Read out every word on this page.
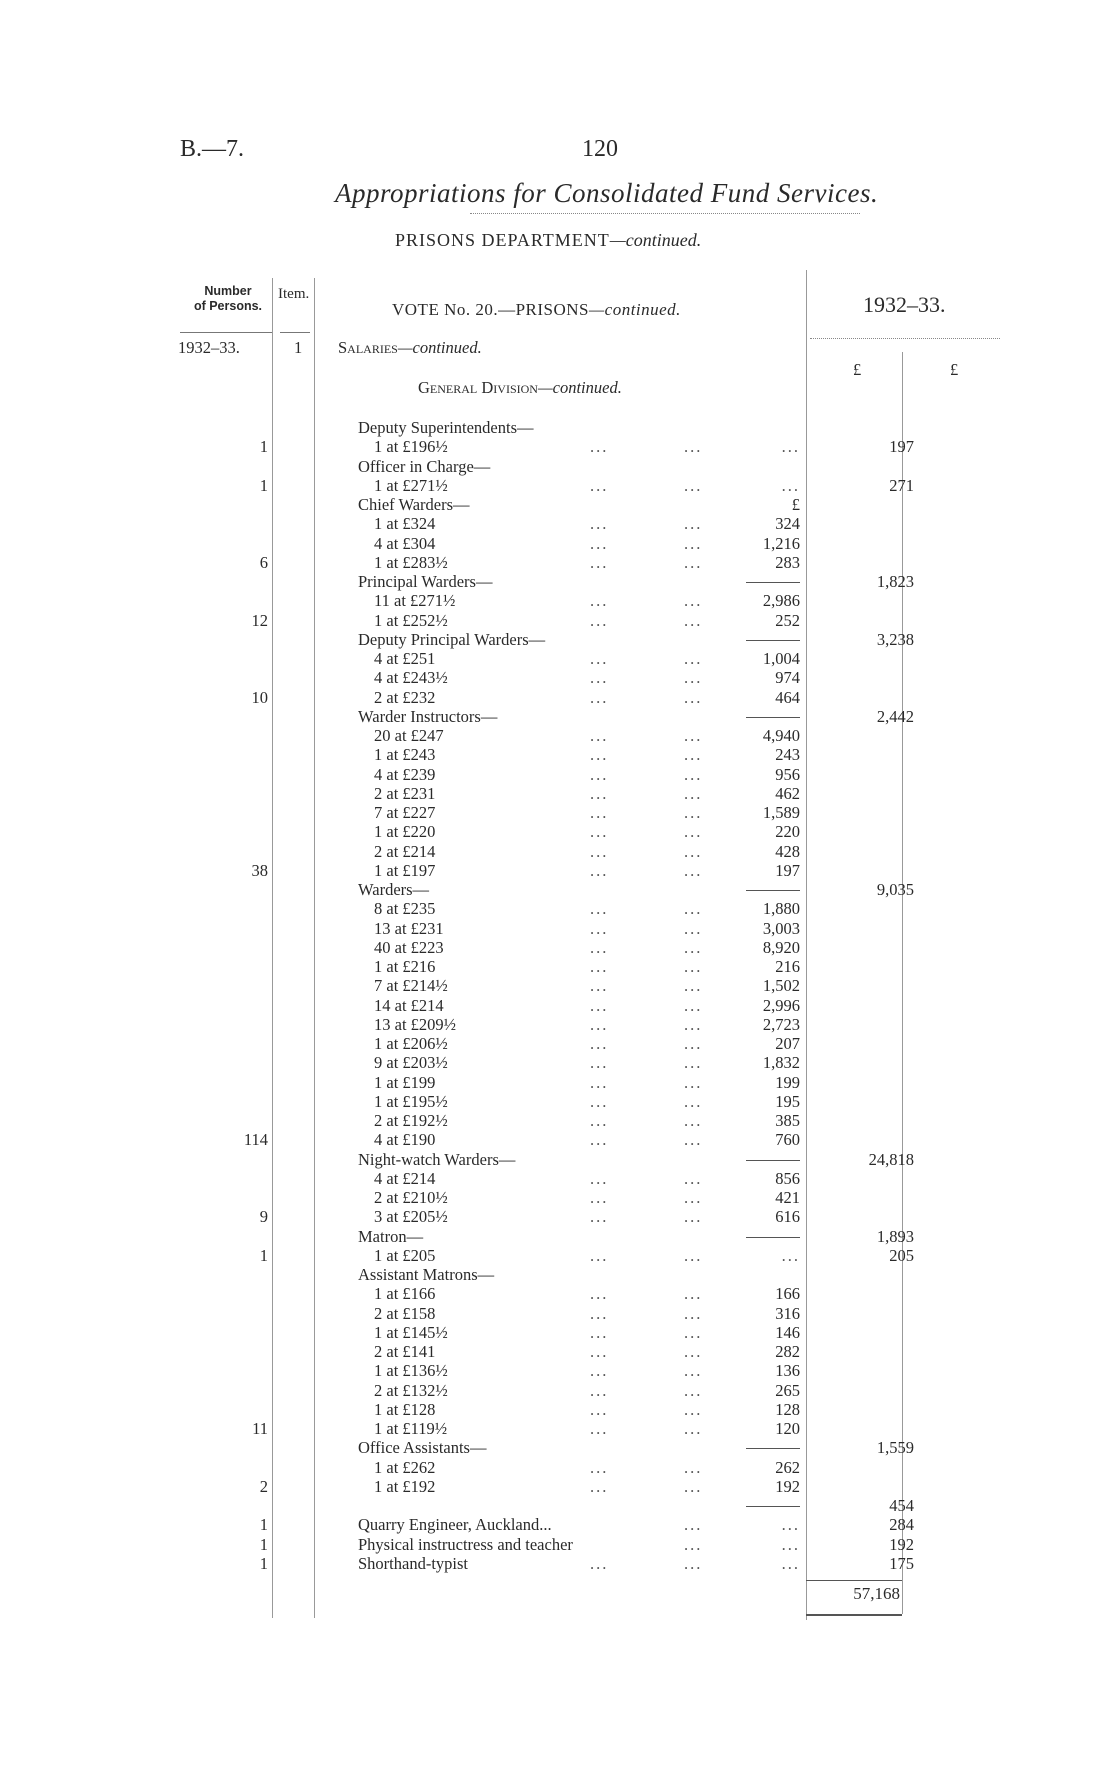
B.—7.	120
Appropriations for Consolidated Fund Services.
PRISONS DEPARTMENT—continued.
Number
of Persons.
Item.
VOTE No. 20.—PRISONS—continued.	1932–33.
1932–33.	1 Salaries—continued.
£	£
General Division—continued.
Deputy Superintendents—
1	1 at £196½	...	...	...	197
Officer in Charge—
1	1 at £271½	...	...	...	271
Chief Warders—	£
1 at £324	...	...	324
4 at £304	...	...	1,216
6	1 at £283½	...	...	283
Principal Warders—	1,823
11 at £271½	...	...	2,986
12	1 at £252½	...	...	252
Deputy Principal Warders—	3,238
4 at £251	...	...	1,004
4 at £243½	...	...	974
10	2 at £232	...	...	464
Warder Instructors—	2,442
20 at £247	...	...	4,940
1 at £243	...	...	243
4 at £239	...	...	956
2 at £231	...	...	462
7 at £227	...	...	1,589
1 at £220	...	...	220
2 at £214	...	...	428
38	1 at £197	...	...	197
Warders—	9,035
8 at £235	...	...	1,880
13 at £231	...	...	3,003
40 at £223	...	...	8,920
1 at £216	...	...	216
7 at £214½	...	...	1,502
14 at £214	...	...	2,996
13 at £209½	...	...	2,723
1 at £206½	...	...	207
9 at £203½	...	...	1,832
1 at £199	...	...	199
1 at £195½	...	...	195
2 at £192½	...	...	385
114	4 at £190	...	...	760
Night-watch Warders—	24,818
4 at £214	...	...	856
2 at £210½	...	...	421
9	3 at £205½	...	...	616
Matron—	1,893
1	1 at £205	...	...	...	205
Assistant Matrons—
1 at £166	...	...	166
2 at £158	...	...	316
1 at £145½	...	...	146
2 at £141	...	...	282
1 at £136½	...	...	136
2 at £132½	...	...	265
1 at £128	...	...	128
11	1 at £119½	...	...	120
Office Assistants—	1,559
1 at £262	...	...	262
2	1 at £192	...	...	192
454
1	Quarry Engineer, Auckland...	...	...	284
1	Physical instructress and teacher	...	...	192
1	Shorthand-typist	...	...	...	175
57,168
